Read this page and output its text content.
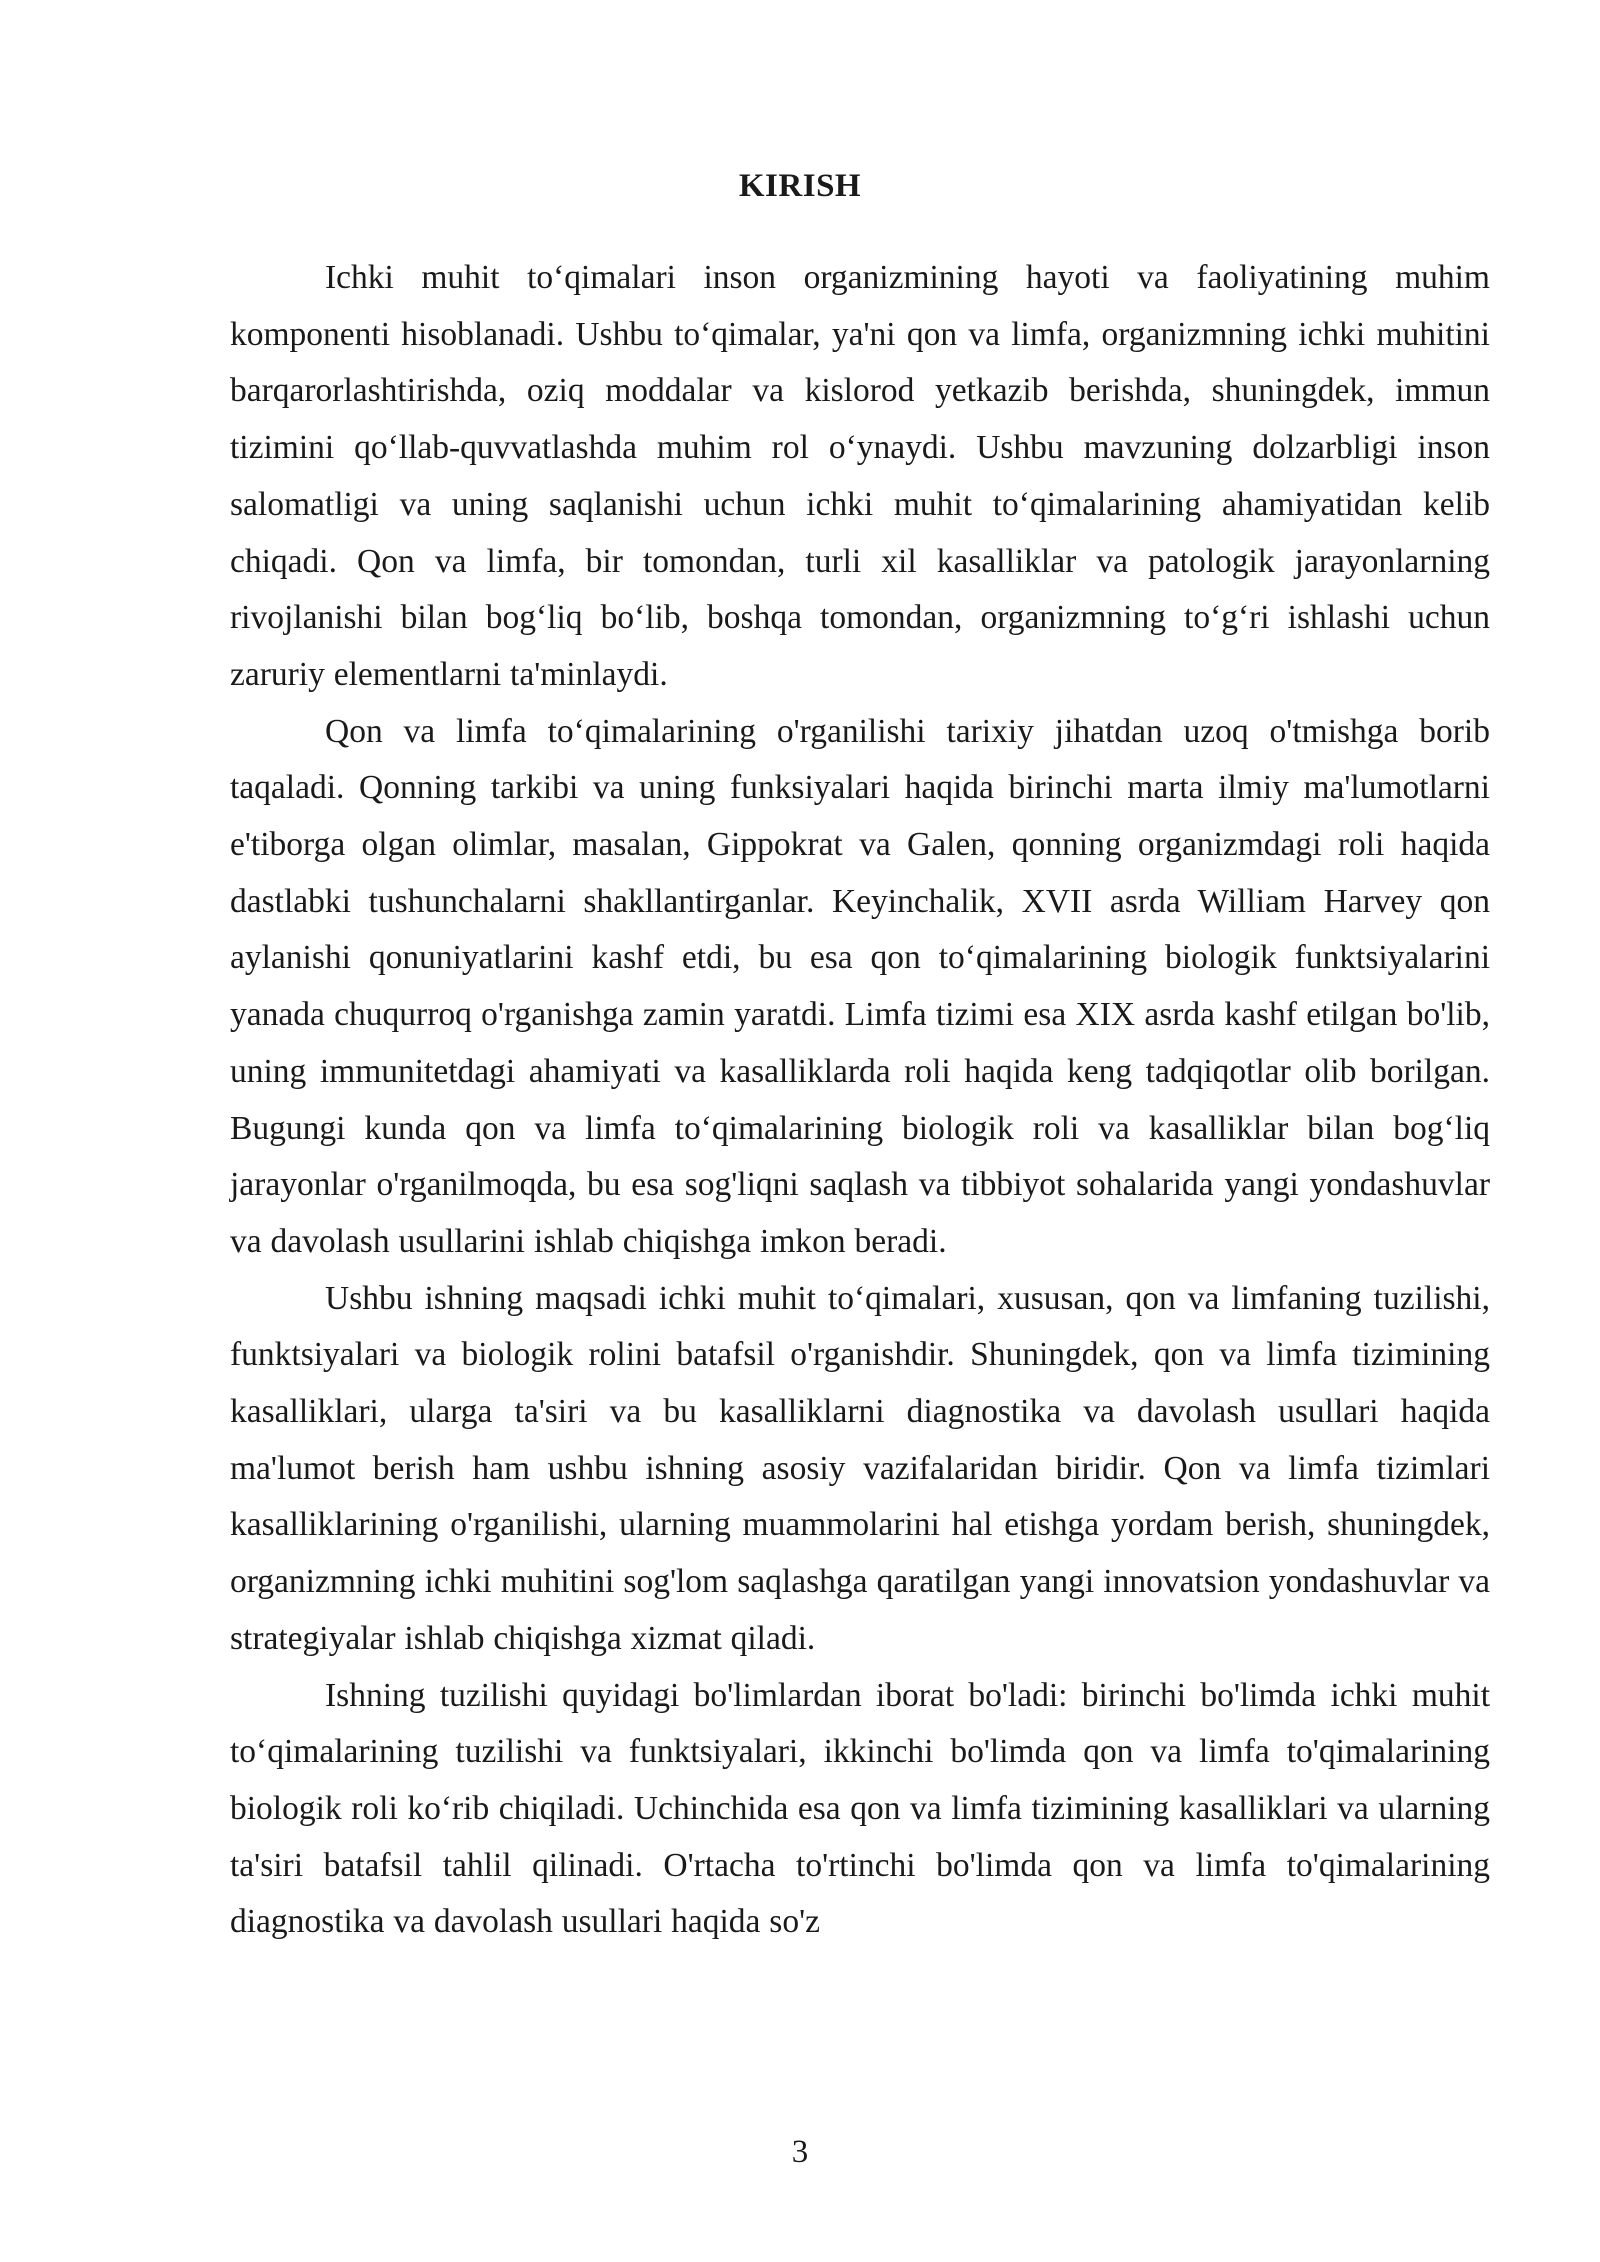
KIRISH

Ichki muhit to‘qimalari inson organizmining hayoti va faoliyatining muhim komponenti hisoblanadi. Ushbu to‘qimalar, ya'ni qon va limfa, organizmning ichki muhitini barqarorlashtirishda, oziq moddalar va kislorod yetkazib berishda, shuningdek, immun tizimini qo‘llab-quvvatlashda muhim rol o‘ynaydi. Ushbu mavzuning dolzarbligi inson salomatligi va uning saqlanishi uchun ichki muhit to‘qimalarining ahamiyatidan kelib chiqadi. Qon va limfa, bir tomondan, turli xil kasalliklar va patologik jarayonlarning rivojlanishi bilan bog‘liq bo‘lib, boshqa tomondan, organizmning to‘g‘ri ishlashi uchun zaruriy elementlarni ta'minlaydi.

Qon va limfa to‘qimalarining o'rganilishi tarixiy jihatdan uzoq o'tmishga borib taqaladi. Qonning tarkibi va uning funksiyalari haqida birinchi marta ilmiy ma'lumotlarni e'tiborga olgan olimlar, masalan, Gippokrat va Galen, qonning organizmdagi roli haqida dastlabki tushunchalarni shakllantirganlar. Keyinchalik, XVII asrda William Harvey qon aylanishi qonuniyatlarini kashf etdi, bu esa qon to‘qimalarining biologik funktsiyalarini yanada chuqurroq o'rganishga zamin yaratdi. Limfa tizimi esa XIX asrda kashf etilgan bo'lib, uning immunitetdagi ahamiyati va kasalliklarda roli haqida keng tadqiqotlar olib borilgan. Bugungi kunda qon va limfa to‘qimalarining biologik roli va kasalliklar bilan bog‘liq jarayonlar o'rganilmoqda, bu esa sog'liqni saqlash va tibbiyot sohalarida yangi yondashuvlar va davolash usullarini ishlab chiqishga imkon beradi.

Ushbu ishning maqsadi ichki muhit to‘qimalari, xususan, qon va limfaning tuzilishi, funktsiyalari va biologik rolini batafsil o'rganishdir. Shuningdek, qon va limfa tizimining kasalliklari, ularga ta'siri va bu kasalliklarni diagnostika va davolash usullari haqida ma'lumot berish ham ushbu ishning asosiy vazifalaridan biridir. Qon va limfa tizimlari kasalliklarining o'rganilishi, ularning muammolarini hal etishga yordam berish, shuningdek, organizmning ichki muhitini sog'lom saqlashga qaratilgan yangi innovatsion yondashuvlar va strategiyalar ishlab chiqishga xizmat qiladi.

Ishning tuzilishi quyidagi bo'limlardan iborat bo'ladi: birinchi bo'limda ichki muhit to‘qimalarining tuzilishi va funktsiyalari, ikkinchi bo'limda qon va limfa to'qimalarining biologik roli ko‘rib chiqiladi. Uchinchida esa qon va limfa tizimining kasalliklari va ularning ta'siri batafsil tahlil qilinadi. O'rtacha to'rtinchi bo'limda qon va limfa to'qimalarining diagnostika va davolash usullari haqida so'z

3
